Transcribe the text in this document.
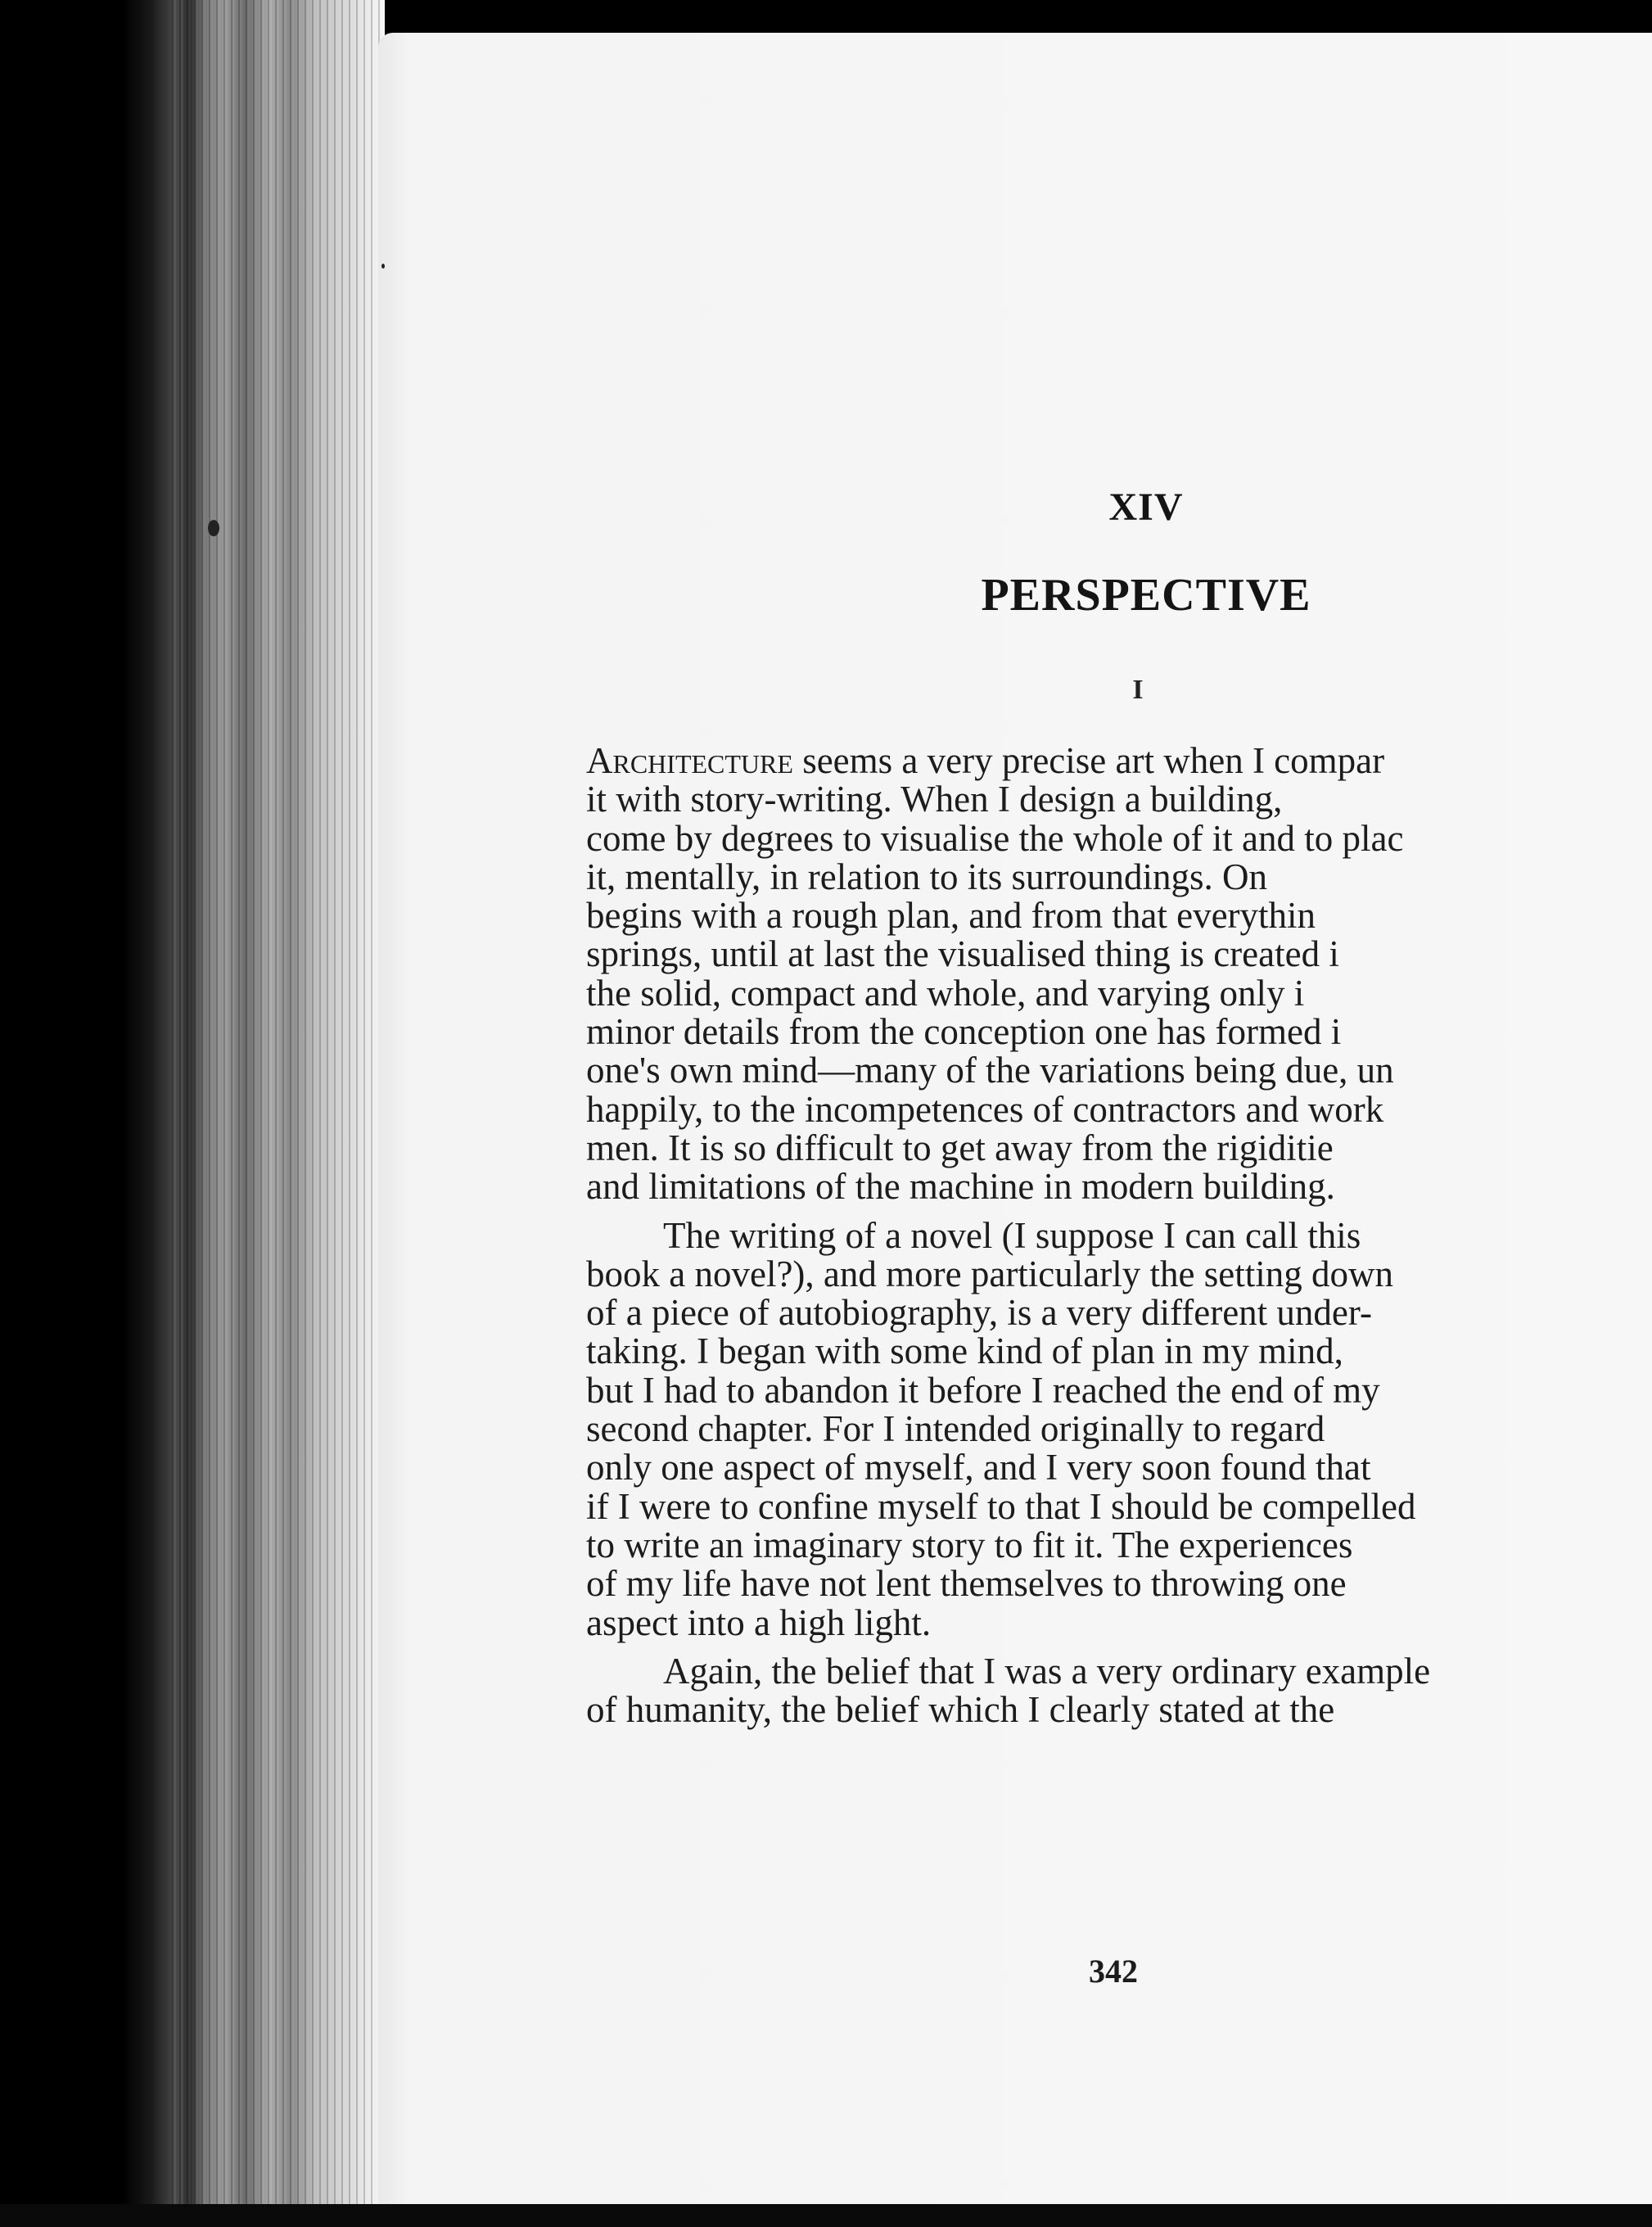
XIV
PERSPECTIVE
I
Architecture seems a very precise art when I compar
it with story-writing. When I design a building,
come by degrees to visualise the whole of it and to plac
it, mentally, in relation to its surroundings. On
begins with a rough plan, and from that everythin
springs, until at last the visualised thing is created i
the solid, compact and whole, and varying only i
minor details from the conception one has formed i
one's own mind—many of the variations being due, un
happily, to the incompetences of contractors and work
men. It is so difficult to get away from the rigiditie
and limitations of the machine in modern building.
The writing of a novel (I suppose I can call this
book a novel?), and more particularly the setting down
of a piece of autobiography, is a very different under-
taking. I began with some kind of plan in my mind,
but I had to abandon it before I reached the end of my
second chapter. For I intended originally to regard
only one aspect of myself, and I very soon found that
if I were to confine myself to that I should be compelled
to write an imaginary story to fit it. The experiences
of my life have not lent themselves to throwing one
aspect into a high light.
Again, the belief that I was a very ordinary example
of humanity, the belief which I clearly stated at the
342
